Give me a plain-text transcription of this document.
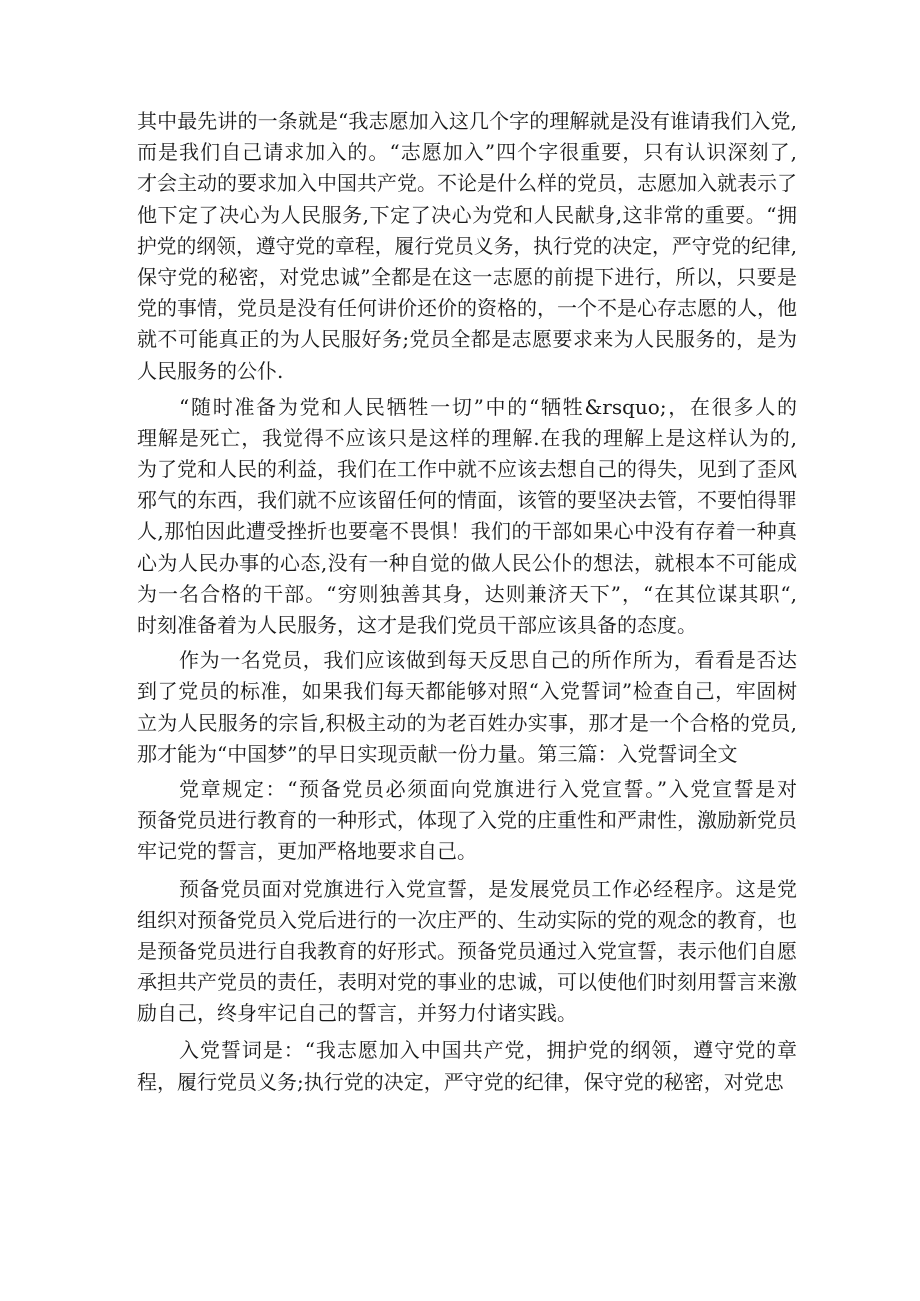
其中最先讲的一条就是“我志愿加入这几个字的理解就是没有谁请我们入党,
而是我们自己请求加入的。“志愿加入”四个字很重要，只有认识深刻了,
才会主动的要求加入中国共产党。不论是什么样的党员，志愿加入就表示了
他下定了决心为人民服务,下定了决心为党和人民献身,这非常的重要。“拥
护党的纲领，遵守党的章程，履行党员义务，执行党的决定，严守党的纪律,
保守党的秘密，对党忠诚”全都是在这一志愿的前提下进行，所以，只要是
党的事情，党员是没有任何讲价还价的资格的，一个不是心存志愿的人，他
就不可能真正的为人民服好务;党员全都是志愿要求来为人民服务的，是为
人民服务的公仆.
“随时准备为党和人民牺牲一切”中的“牺牲&rsquo;，在很多人的
理解是死亡，我觉得不应该只是这样的理解.在我的理解上是这样认为的,
为了党和人民的利益，我们在工作中就不应该去想自己的得失，见到了歪风
邪气的东西，我们就不应该留任何的情面，该管的要坚决去管，不要怕得罪
人,那怕因此遭受挫折也要毫不畏惧！我们的干部如果心中没有存着一种真
心为人民办事的心态,没有一种自觉的做人民公仆的想法，就根本不可能成
为一名合格的干部。“穷则独善其身，达则兼济天下”，“在其位谋其职“,
时刻准备着为人民服务，这才是我们党员干部应该具备的态度。
作为一名党员，我们应该做到每天反思自己的所作所为，看看是否达
到了党员的标准，如果我们每天都能够对照“入党誓词”检查自己，牢固树
立为人民服务的宗旨,积极主动的为老百姓办实事，那才是一个合格的党员,
那才能为“中国梦”的早日实现贡献一份力量。第三篇：入党誓词全文
党章规定：“预备党员必须面向党旗进行入党宣誓。”入党宣誓是对
预备党员进行教育的一种形式，体现了入党的庄重性和严肃性，激励新党员
牢记党的誓言，更加严格地要求自己。
预备党员面对党旗进行入党宣誓，是发展党员工作必经程序。这是党
组织对预备党员入党后进行的一次庄严的、生动实际的党的观念的教育，也
是预备党员进行自我教育的好形式。预备党员通过入党宣誓，表示他们自愿
承担共产党员的责任，表明对党的事业的忠诚，可以使他们时刻用誓言来激
励自己，终身牢记自己的誓言，并努力付诸实践。
入党誓词是：“我志愿加入中国共产党，拥护党的纲领，遵守党的章
程，履行党员义务;执行党的决定，严守党的纪律，保守党的秘密，对党忠
